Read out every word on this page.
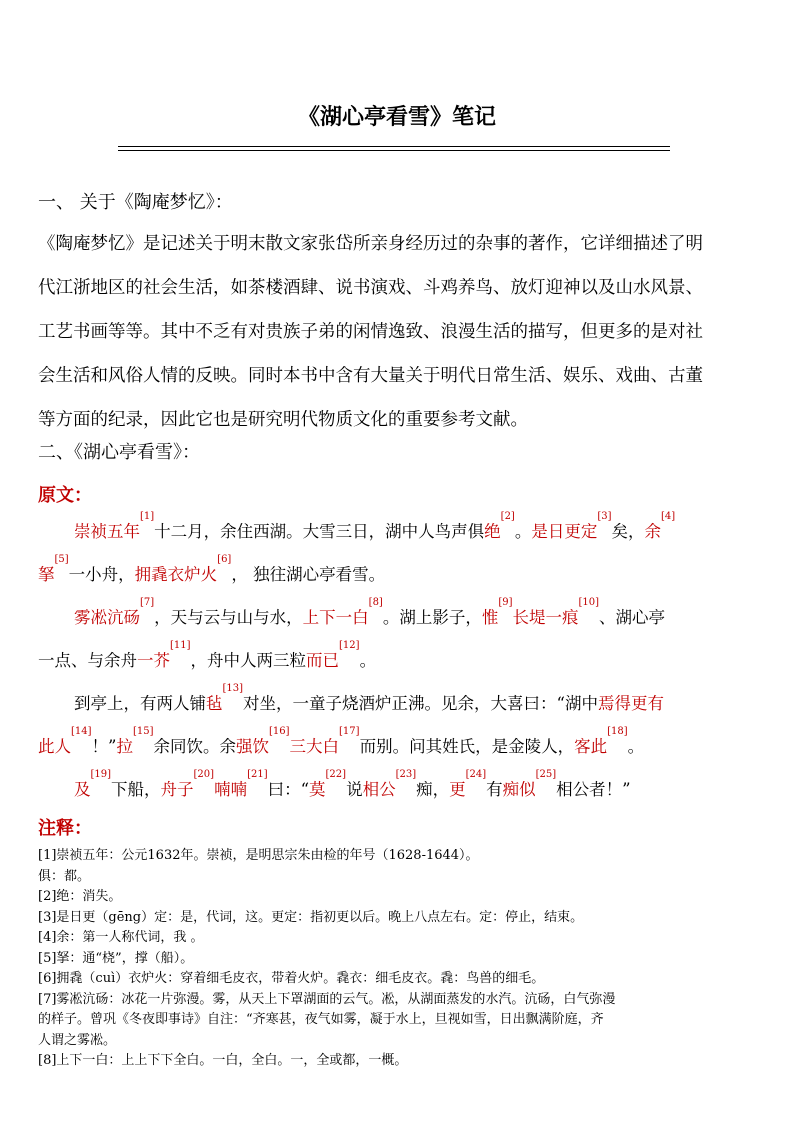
《湖心亭看雪》笔记
一、 关于《陶庵梦忆》：
《陶庵梦忆》是记述关于明末散文家张岱所亲身经历过的杂事的著作，它详细描述了明
代江浙地区的社会生活，如茶楼酒肆、说书演戏、斗鸡养鸟、放灯迎神以及山水风景、
工艺书画等等。其中不乏有对贵族子弟的闲情逸致、浪漫生活的描写，但更多的是对社
会生活和风俗人情的反映。同时本书中含有大量关于明代日常生活、娱乐、戏曲、古董
等方面的纪录，因此它也是研究明代物质文化的重要参考文献。
二、《湖心亭看雪》：
原文：
崇祯五年[1]十二月，余住西湖。大雪三日，湖中人鸟声俱绝[2]。是日更定[3]矣，余[4]
拏[5]一小舟，拥毳衣炉火[6]， 独往湖心亭看雪。
雾凇沆砀[7]，天与云与山与水，上下一白[8]。湖上影子，惟[9]长堤一痕[10]、湖心亭
一点、与余舟一芥[11]，舟中人两三粒而已[12]。
到亭上，有两人铺毡[13]对坐，一童子烧酒炉正沸。见余，大喜曰：“湖中焉得更有
此人[14]！”拉[15]余同饮。余强饮[16]三大白[17]而别。问其姓氏，是金陵人，客此[18]。
及[19]下船，舟子[20]喃喃[21]曰：“莫[22]说相公[23]痴，更[24]有痴似[25]相公者！”
注释：
[1]崇祯五年：公元1632年。崇祯，是明思宗朱由检的年号（1628-1644）。
俱：都。
[2]绝：消失。
[3]是日更（gēng）定：是，代词，这。更定：指初更以后。晚上八点左右。定：停止，结束。
[4]余：第一人称代词，我 。
[5]拏：通“桡”，撑（船）。
[6]拥毳（cuì）衣炉火：穿着细毛皮衣，带着火炉。毳衣：细毛皮衣。毳：鸟兽的细毛。
[7]雾凇沆砀：冰花一片弥漫。雾，从天上下罩湖面的云气。凇，从湖面蒸发的水汽。沆砀，白气弥漫
的样子。曾巩《冬夜即事诗》自注：“齐寒甚，夜气如雾，凝于水上，旦视如雪，日出飘满阶庭，齐
人谓之雾凇。
[8]上下一白：上上下下全白。一白，全白。一，全或都，一概。
